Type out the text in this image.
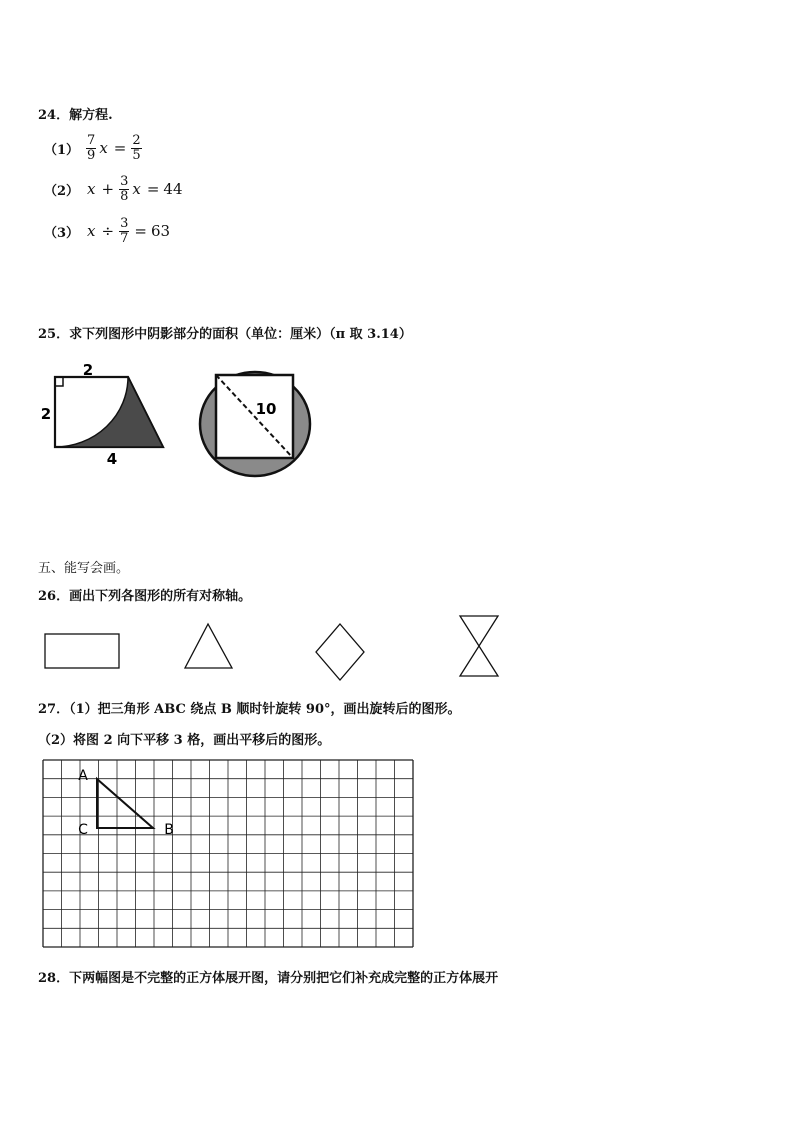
24．解方程.
$(1) \frac{7}{9}$ $x = \frac{2}{5}$
（2） $x + \frac{3}{8}$ x = 44
（3） $x \div \frac{3}{7} = 63$
25．求下列图形中阴影部分的面积（单位：厘米）（π 取 3.14）
2
2
4
10
五、能写会画。
26．画出下列各图形的所有对称轴。
27．（1）把三角形 ABC 绕点 B 顺时针旋转 90°，画出旋转后的图形。
（2）将图 2 向下平移 3 格，画出平移后的图形。
A
C	B
28．下两幅图是不完整的正方体展开图，请分别把它们补充成完整的正方体展开
